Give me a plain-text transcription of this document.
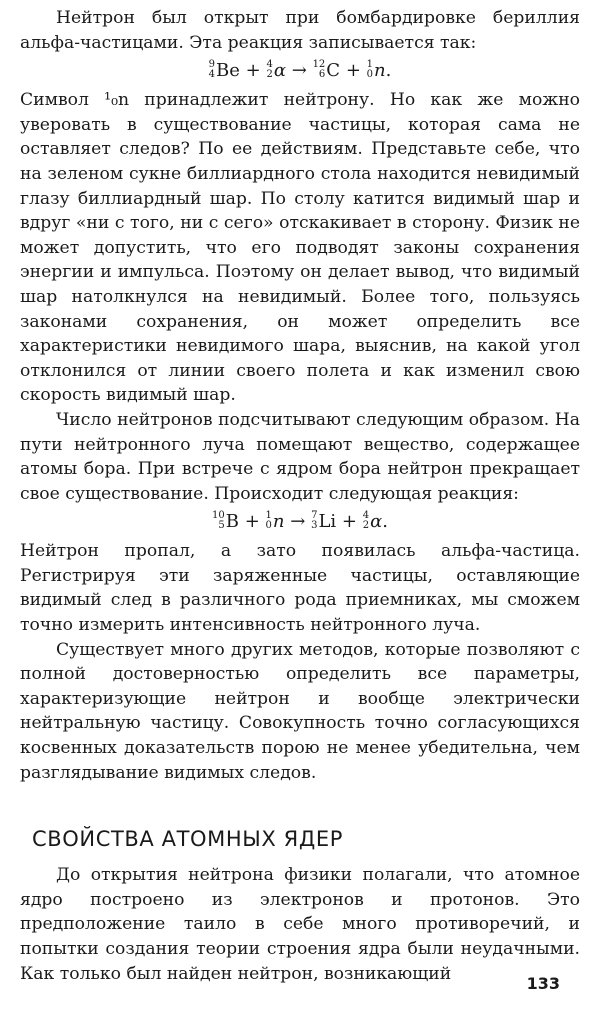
Нейтрон был открыт при бомбардировке бериллия альфа-частицами. Эта реакция записывается так:

9
4 Be + 4
2 α → 12
6 C + 1
0 n.

Символ ¹₀n принадлежит нейтрону. Но как же можно уверовать в существование частицы, которая сама не оставляет следов? По ее действиям. Представьте себе, что на зеленом сукне биллиардного стола находится невидимый глазу биллиардный шар. По столу катится видимый шар и вдруг «ни с того, ни с сего» отскакивает в сторону. Физик не может допустить, что его подводят законы сохранения энергии и импульса. Поэтому он делает вывод, что видимый шар натолкнулся на невидимый. Более того, пользуясь законами сохранения, он может определить все характеристики невидимого шара, выяснив, на какой угол отклонился от линии своего полета и как изменил свою скорость видимый шар.

Число нейтронов подсчитывают следующим образом. На пути нейтронного луча помещают вещество, содержащее атомы бора. При встрече с ядром бора нейтрон прекращает свое существование. Происходит следующая реакция:

10
5 B + 1
0 n → 7
3 Li + 4
2 α.

Нейтрон пропал, а зато появилась альфа-частица. Регистрируя эти заряженные частицы, оставляющие видимый след в различного рода приемниках, мы сможем точно измерить интенсивность нейтронного луча.

Существует много других методов, которые позволяют с полной достоверностью определить все параметры, характеризующие нейтрон и вообще электрически нейтральную частицу. Совокупность точно согласующихся косвенных доказательств порою не менее убедительна, чем разглядывание видимых следов.

СВОЙСТВА АТОМНЫХ ЯДЕР

До открытия нейтрона физики полагали, что атомное ядро построено из электронов и протонов. Это предположение таило в себе много противоречий, и попытки создания теории строения ядра были неудачными. Как только был найден нейтрон, возникающий	133
